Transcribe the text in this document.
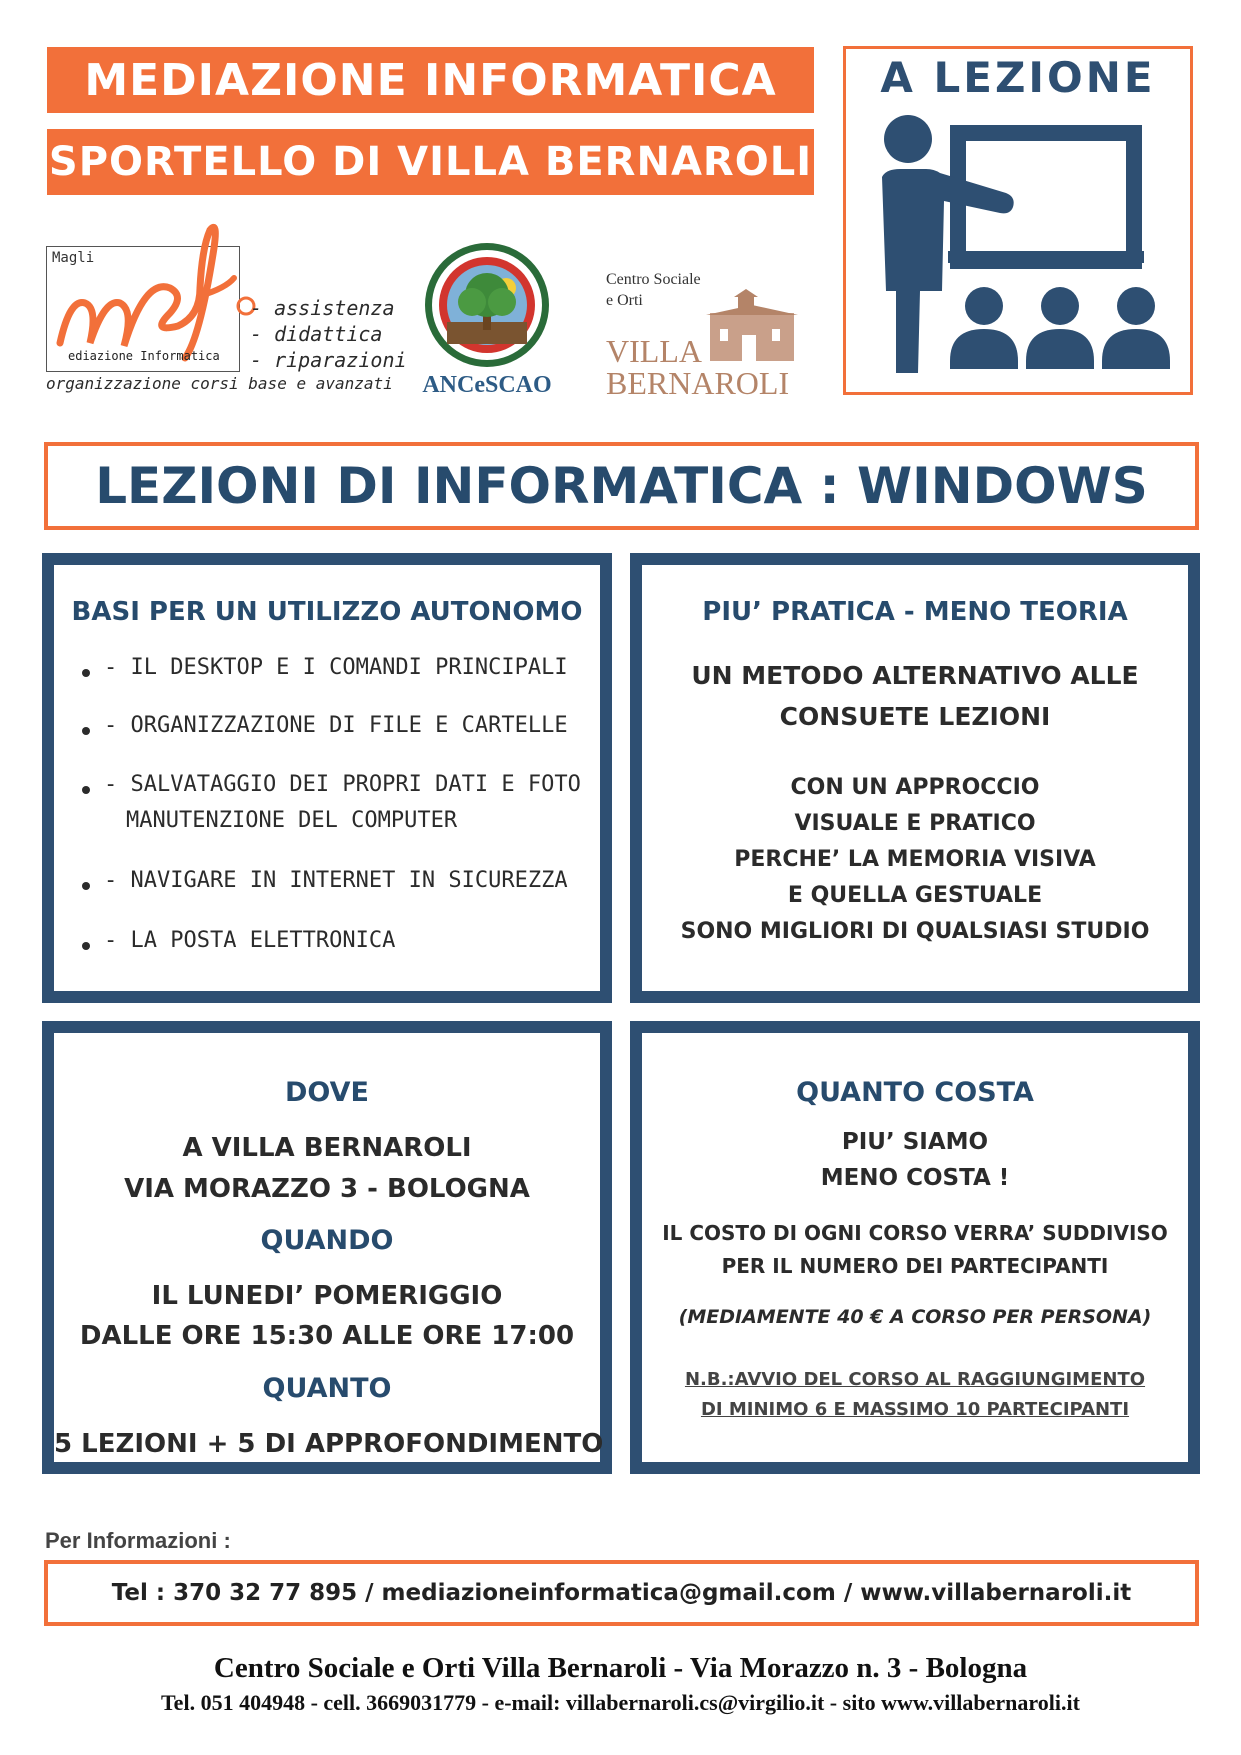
MEDIAZIONE INFORMATICA
SPORTELLO DI VILLA BERNAROLI
A LEZIONE
Magli
ediazione Informatica
- assistenza
- didattica
- riparazioni
organizzazione corsi base e avanzati	ANCeSCAO
Centro Sociale
e Orti
VILLA
BERNAROLI
LEZIONI DI INFORMATICA : WINDOWS
BASI PER UN UTILIZZO AUTONOMO
- IL DESKTOP E I COMANDI PRINCIPALI
- ORGANIZZAZIONE DI FILE E CARTELLE
- SALVATAGGIO DEI PROPRI DATI E FOTO
MANUTENZIONE DEL COMPUTER
- NAVIGARE IN INTERNET IN SICUREZZA
- LA POSTA ELETTRONICA
PIU’ PRATICA - MENO TEORIA
UN METODO ALTERNATIVO ALLE
CONSUETE LEZIONI
CON UN APPROCCIO
VISUALE E PRATICO
PERCHE’ LA MEMORIA VISIVA
E QUELLA GESTUALE
SONO MIGLIORI DI QUALSIASI STUDIO
DOVE
A VILLA BERNAROLI
VIA MORAZZO 3 - BOLOGNA
QUANDO
IL LUNEDI’ POMERIGGIO
DALLE ORE 15:30 ALLE ORE 17:00
QUANTO
5 LEZIONI + 5 DI APPROFONDIMENTO
QUANTO COSTA
PIU’ SIAMO
MENO COSTA !
IL COSTO DI OGNI CORSO VERRA’ SUDDIVISO
PER IL NUMERO DEI PARTECIPANTI
(MEDIAMENTE 40 € A CORSO PER PERSONA)
N.B.:AVVIO DEL CORSO AL RAGGIUNGIMENTO
DI MINIMO 6 E MASSIMO 10 PARTECIPANTI
Per Informazioni :
Tel : 370 32 77 895 / mediazioneinformatica@gmail.com / www.villabernaroli.it
Centro Sociale e Orti Villa Bernaroli - Via Morazzo n. 3 - Bologna
Tel. 051 404948 - cell. 3669031779 - e-mail: villabernaroli.cs@virgilio.it - sito www.villabernaroli.it
